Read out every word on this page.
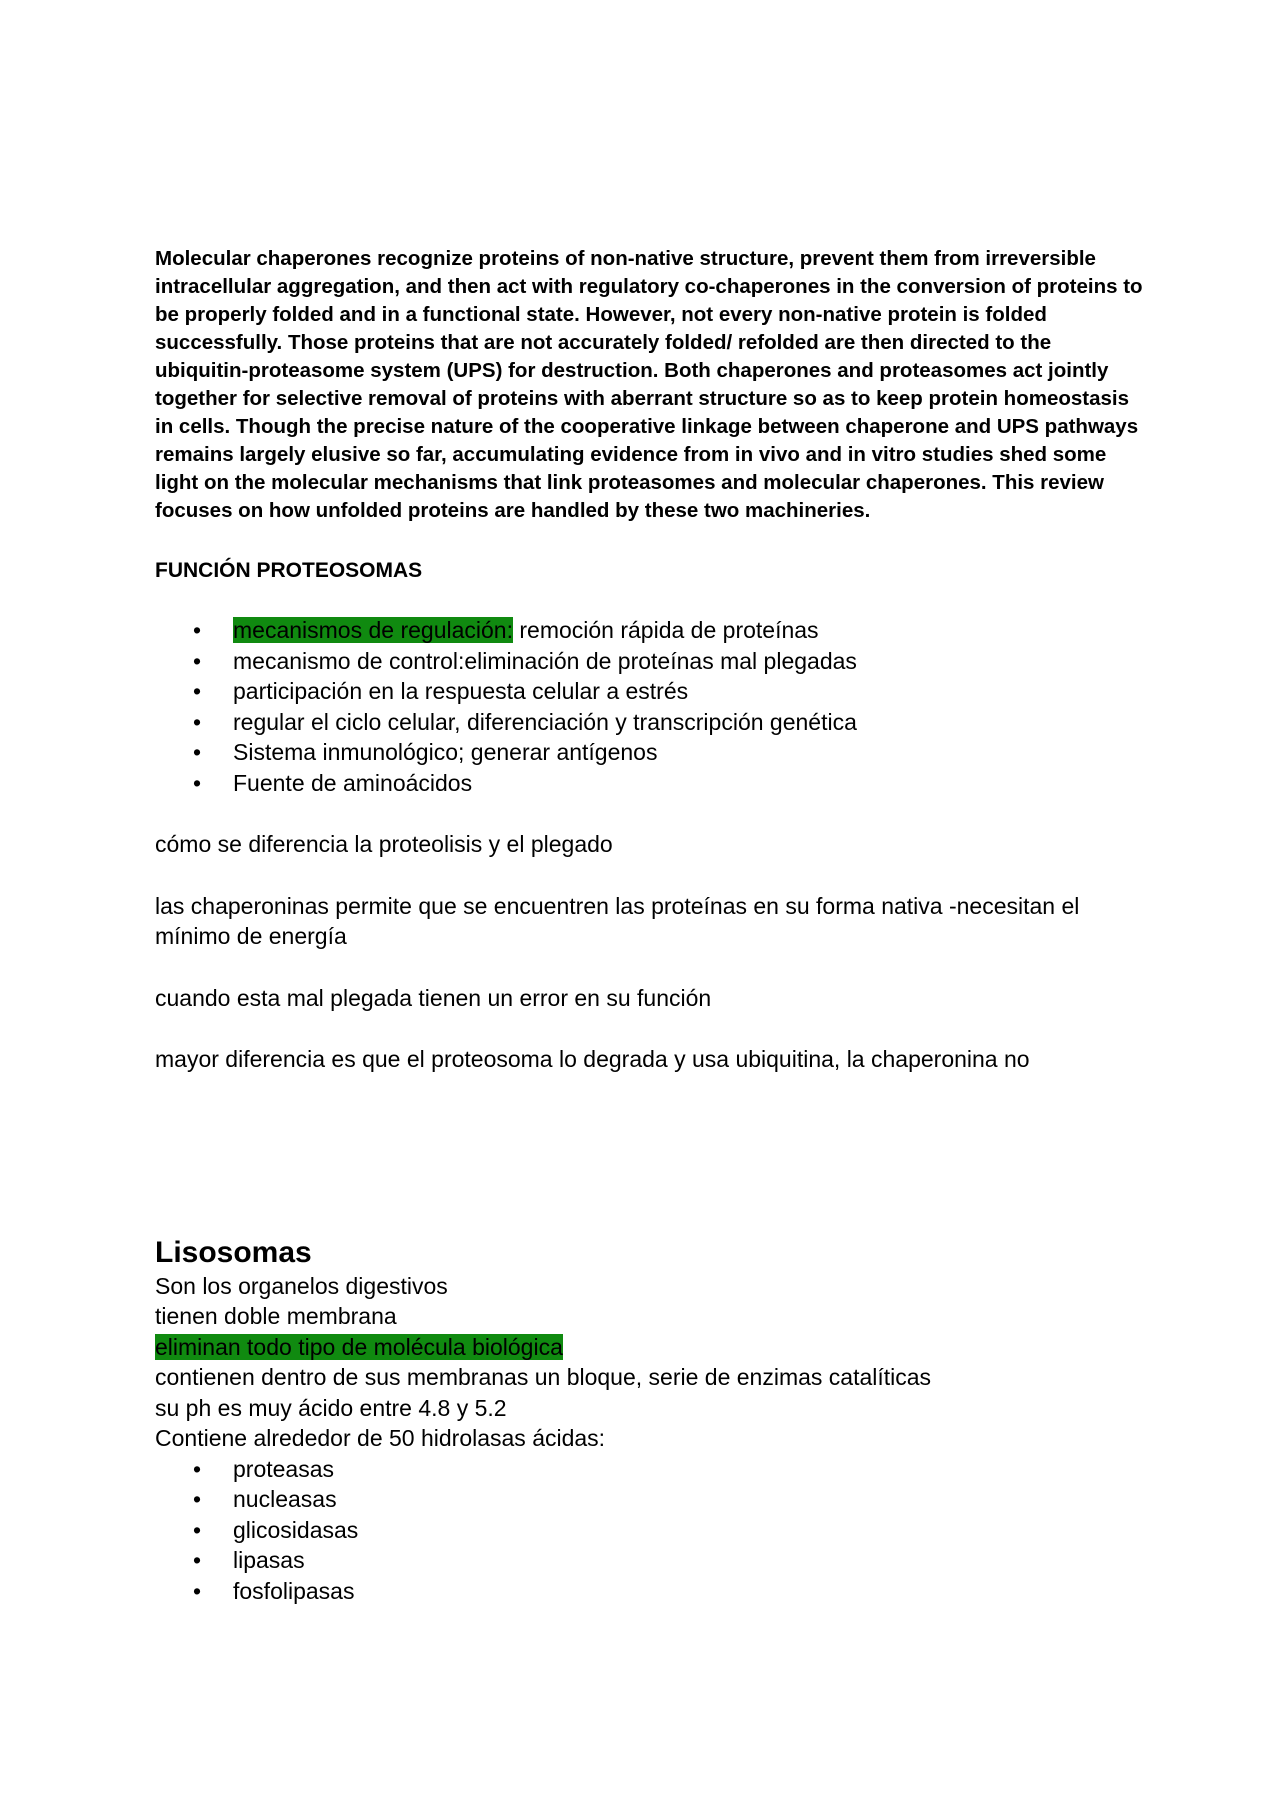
Molecular chaperones recognize proteins of non-native structure, prevent them from irreversible intracellular aggregation, and then act with regulatory co-chaperones in the conversion of proteins to be properly folded and in a functional state. However, not every non-native protein is folded successfully. Those proteins that are not accurately folded/ refolded are then directed to the ubiquitin-proteasome system (UPS) for destruction. Both chaperones and proteasomes act jointly together for selective removal of proteins with aberrant structure so as to keep protein homeostasis in cells. Though the precise nature of the cooperative linkage between chaperone and UPS pathways remains largely elusive so far, accumulating evidence from in vivo and in vitro studies shed some light on the molecular mechanisms that link proteasomes and molecular chaperones. This review focuses on how unfolded proteins are handled by these two machineries.

FUNCIÓN PROTEOSOMAS

• mecanismos de regulación: remoción rápida de proteínas
• mecanismo de control:eliminación de proteínas mal plegadas
• participación en la respuesta celular a estrés
• regular el ciclo celular, diferenciación y transcripción genética
• Sistema inmunológico; generar antígenos
• Fuente de aminoácidos

cómo se diferencia la proteolisis y el plegado

las chaperoninas permite que se encuentren las proteínas en su forma nativa -necesitan el mínimo de energía

cuando esta mal plegada tienen un error en su función

mayor diferencia es que el proteosoma lo degrada y usa ubiquitina, la chaperonina no

Lisosomas

Son los organelos digestivos

tienen doble membrana

eliminan todo tipo de molécula biológica

contienen dentro de sus membranas un bloque, serie de enzimas catalíticas

su ph es muy ácido entre 4.8 y 5.2

Contiene alrededor de 50 hidrolasas ácidas:

• proteasas
• nucleasas
• glicosidasas
• lipasas
• fosfolipasas
